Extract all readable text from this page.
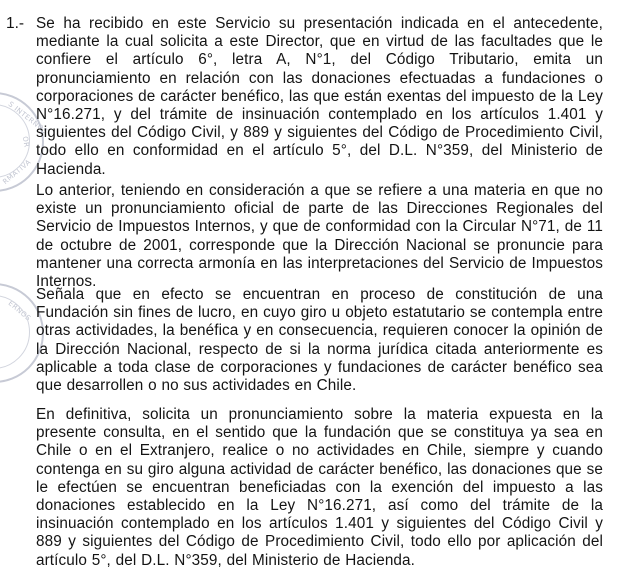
S INTERNOS
OR
RMATIVA
ERNOS

1.- Se ha recibido en este Servicio su presentación indicada en el antecedente, mediante la cual solicita a este Director, que en virtud de las facultades que le confiere el artículo 6°, letra A, N°1, del Código Tributario, emita un pronunciamiento en relación con las donaciones efectuadas a fundaciones o corporaciones de carácter benéfico, las que están exentas del impuesto de la Ley N°16.271, y del trámite de insinuación contemplado en los artículos 1.401 y siguientes del Código Civil, y 889 y siguientes del Código de Procedimiento Civil, todo ello en conformidad en el artículo 5°, del D.L. N°359, del Ministerio de Hacienda.

Lo anterior, teniendo en consideración a que se refiere a una materia en que no existe un pronunciamiento oficial de parte de las Direcciones Regionales del Servicio de Impuestos Internos, y que de conformidad con la Circular N°71, de 11 de octubre de 2001, corresponde que la Dirección Nacional se pronuncie para mantener una correcta armonía en las interpretaciones del Servicio de Impuestos Internos.

Señala que en efecto se encuentran en proceso de constitución de una Fundación sin fines de lucro, en cuyo giro u objeto estatutario se contempla entre otras actividades, la benéfica y en consecuencia, requieren conocer la opinión de la Dirección Nacional, respecto de si la norma jurídica citada anteriormente es aplicable a toda clase de corporaciones y fundaciones de carácter benéfico sea que desarrollen o no sus actividades en Chile.

En definitiva, solicita un pronunciamiento sobre la materia expuesta en la presente consulta, en el sentido que la fundación que se constituya ya sea en Chile o en el Extranjero, realice o no actividades en Chile, siempre y cuando contenga en su giro alguna actividad de carácter benéfico, las donaciones que se le efectúen se encuentran beneficiadas con la exención del impuesto a las donaciones establecido en la Ley N°16.271, así como del trámite de la insinuación contemplado en los artículos 1.401 y siguientes del Código Civil y 889 y siguientes del Código de Procedimiento Civil, todo ello por aplicación del artículo 5°, del D.L. N°359, del Ministerio de Hacienda.
